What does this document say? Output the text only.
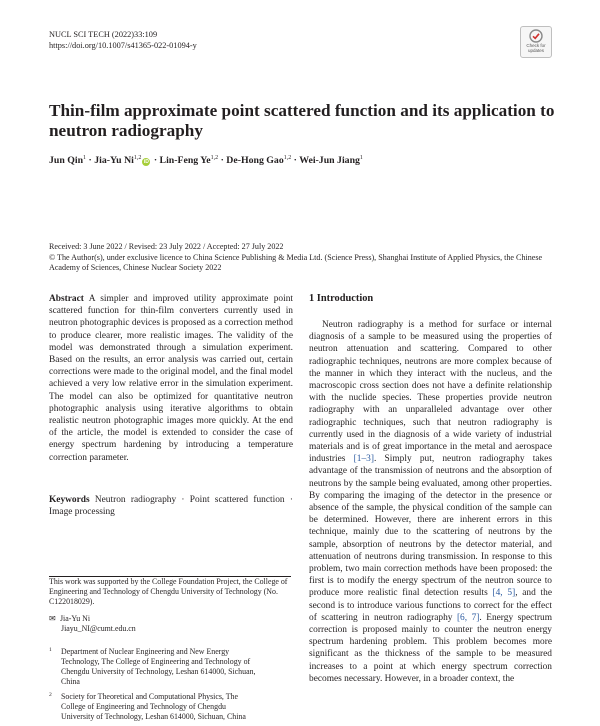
NUCL SCI TECH (2022)33:109
https://doi.org/10.1007/s41365-022-01094-y	Check for
updates
Thin-film approximate point scattered function and its application to neutron radiography
Jun Qin$^1$ · Jia-Yu Ni$^{1,2}$iD · Lin-Feng Ye$^{1,2}$ · De-Hong Gao$^{1,2}$ · Wei-Jun Jiang$^1$
Received: 3 June 2022 / Revised: 23 July 2022 / Accepted: 27 July 2022
© The Author(s), under exclusive licence to China Science Publishing & Media Ltd. (Science Press), Shanghai Institute of Applied Physics, the Chinese Academy of Sciences, Chinese Nuclear Society 2022
Abstract A simpler and improved utility approximate point scattered function for thin-film converters currently used in neutron photographic devices is proposed as a correction method to produce clearer, more realistic images. The validity of the model was demonstrated through a simulation experiment. Based on the results, an error analysis was carried out, certain corrections were made to the original model, and the final model achieved a very low relative error in the simulation experiment. The model can also be optimized for quantitative neutron photographic analysis using iterative algorithms to obtain realistic neutron photographic images more quickly. At the end of the article, the model is extended to consider the case of energy spectrum hardening by introducing a temperature correction parameter.
Keywords Neutron radiography · Point scattered function · Image processing
This work was supported by the College Foundation Project, the College of Engineering and Technology of Chengdu University of Technology (No. C122018029).
✉ Jia-Yu Ni
Jiayu_NI@cumt.edu.cn
1	Department of Nuclear Engineering and New Energy Technology, The College of Engineering and Technology of Chengdu University of Technology, Leshan 614000, Sichuan, China
2	Society for Theoretical and Computational Physics, The College of Engineering and Technology of Chengdu University of Technology, Leshan 614000, Sichuan, China
1 Introduction
Neutron radiography is a method for surface or internal diagnosis of a sample to be measured using the properties of neutron attenuation and scattering. Compared to other radiographic techniques, neutrons are more complex because of the manner in which they interact with the nucleus, and the macroscopic cross section does not have a definite relationship with the nuclide species. These properties provide neutron radiography with an unparalleled advantage over other radiographic techniques, such that neutron radiography is currently used in the diagnosis of a wide variety of industrial materials and is of great importance in the metal and aerospace industries [1–3]. Simply put, neutron radiography takes advantage of the transmission of neutrons and the absorption of neutrons by the sample being evaluated, among other properties. By comparing the imaging of the detector in the presence or absence of the sample, the physical condition of the sample can be determined. However, there are inherent errors in this technique, mainly due to the scattering of neutrons by the sample, absorption of neutrons by the detector material, and attenuation of neutrons during transmission. In response to this problem, two main correction methods have been proposed: the first is to modify the energy spectrum of the neutron source to produce more realistic final detection results [4, 5], and the second is to introduce various functions to correct for the effect of scattering in neutron radiography [6, 7]. Energy spectrum correction is proposed mainly to counter the neutron energy spectrum hardening problem. This problem becomes more significant as the thickness of the sample to be measured increases to a point at which energy spectrum correction becomes necessary. However, in a broader context, the
